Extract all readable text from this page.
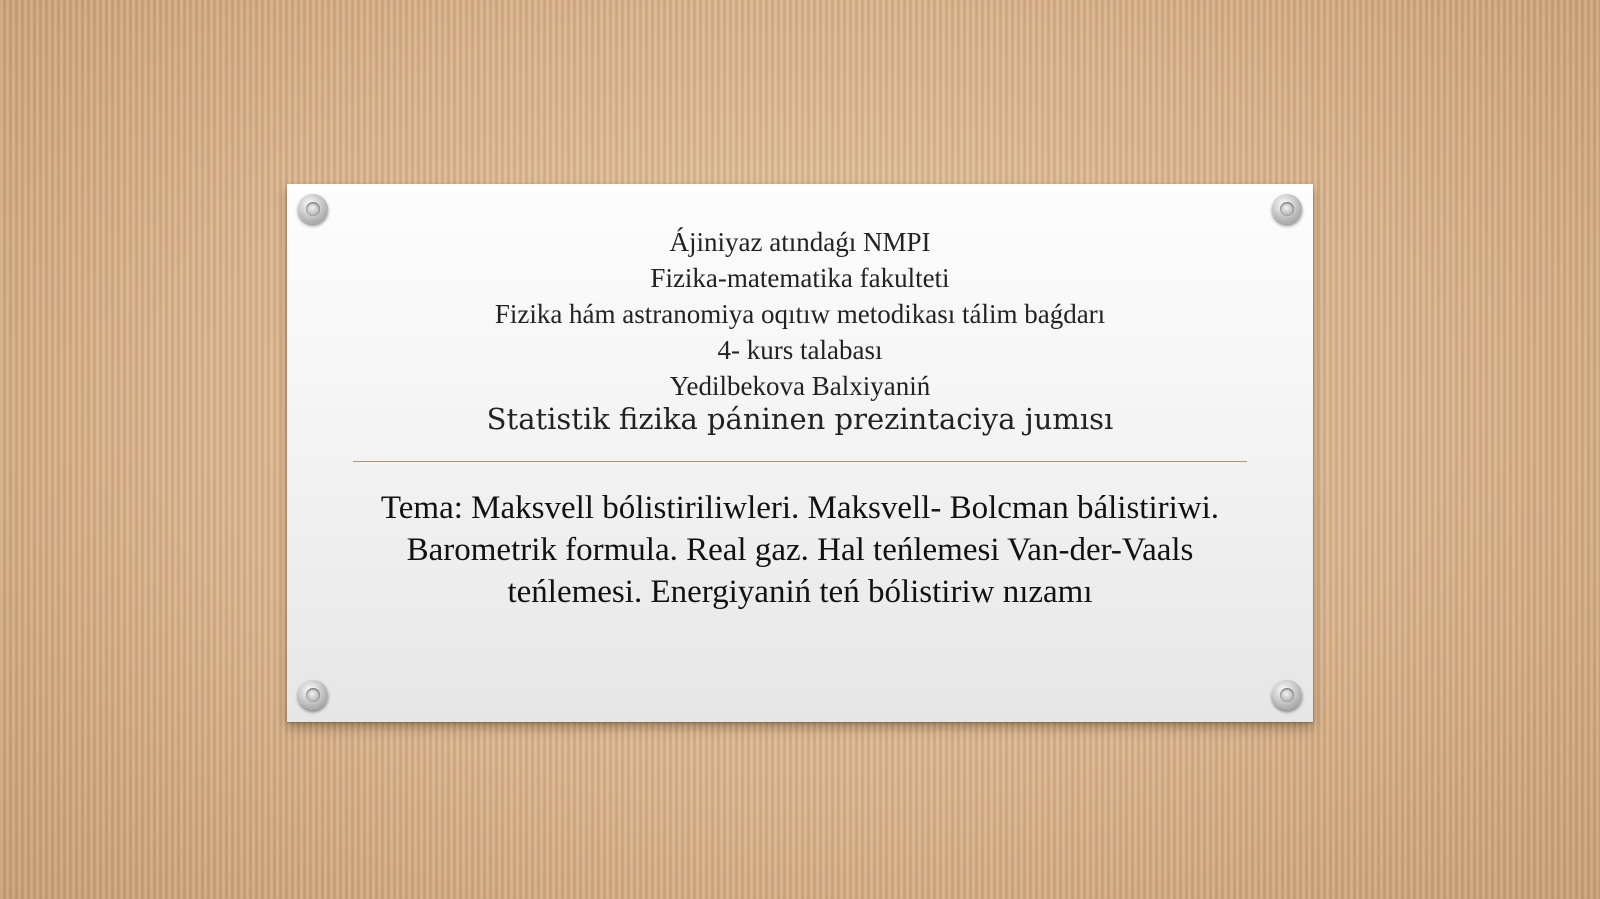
Ájiniyaz atındaǵı NMPI
Fizika-matematika fakulteti
Fizika hám astranomiya oqıtıw metodikası tálim baǵdarı
4- kurs talabası
Yedilbekova Balxiyaniń
Statistik fizika páninen prezintaciya jumısı
Tema: Maksvell bólistiriliwleri. Maksvell- Bolcman bálistiriwi. Barometrik formula. Real gaz. Hal teńlemesi Van-der-Vaals teńlemesi. Energiyaniń teń bólistiriw nızamı
